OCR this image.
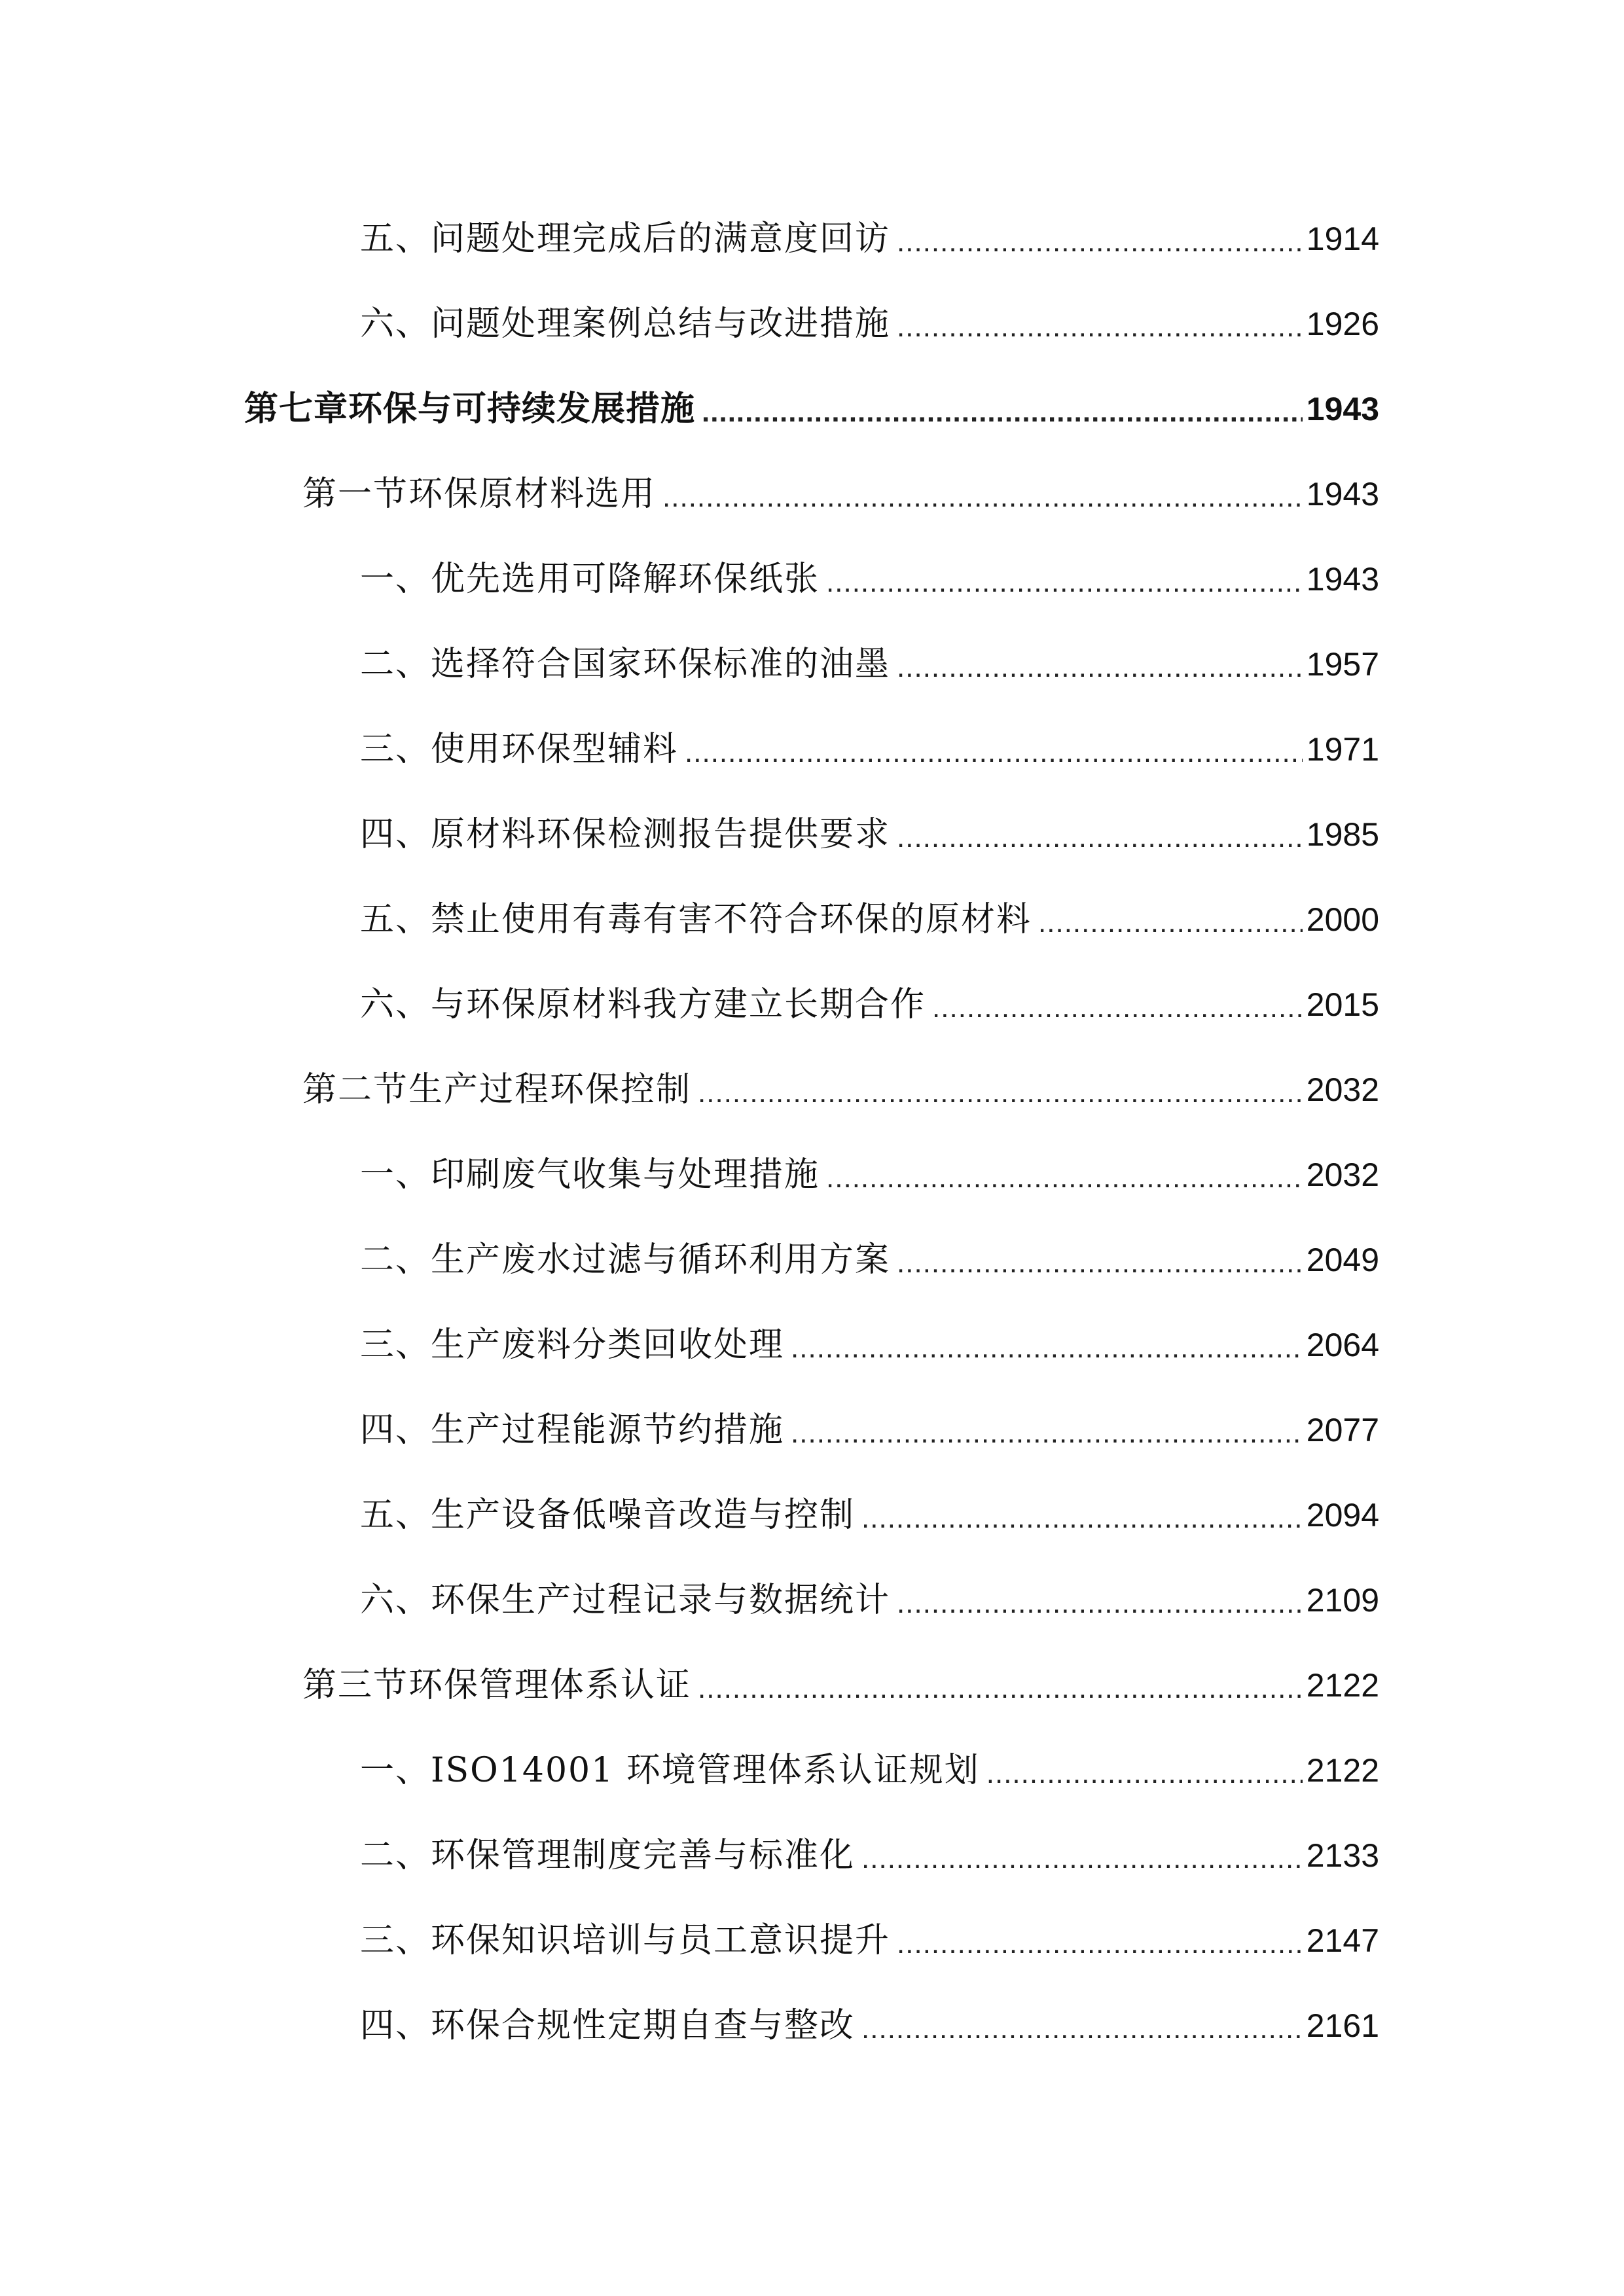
五、问题处理完成后的满意度回访 .....	1914
六、问题处理案例总结与改进措施 .....	1926
第七章环保与可持续发展措施 .....	1943
第一节环保原材料选用 .....	1943
一、优先选用可降解环保纸张 .....	1943
二、选择符合国家环保标准的油墨 .....	1957
三、使用环保型辅料 .....	1971
四、原材料环保检测报告提供要求 .....	1985
五、禁止使用有毒有害不符合环保的原材料 .....	2000
六、与环保原材料我方建立长期合作 .....	2015
第二节生产过程环保控制 .....	2032
一、印刷废气收集与处理措施 .....	2032
二、生产废水过滤与循环利用方案 .....	2049
三、生产废料分类回收处理 .....	2064
四、生产过程能源节约措施 .....	2077
五、生产设备低噪音改造与控制 .....	2094
六、环保生产过程记录与数据统计 .....	2109
第三节环保管理体系认证 .....	2122
一、ISO14001 环境管理体系认证规划 .....	2122
二、环保管理制度完善与标准化 .....	2133
三、环保知识培训与员工意识提升 .....	2147
四、环保合规性定期自查与整改 .....	2161
